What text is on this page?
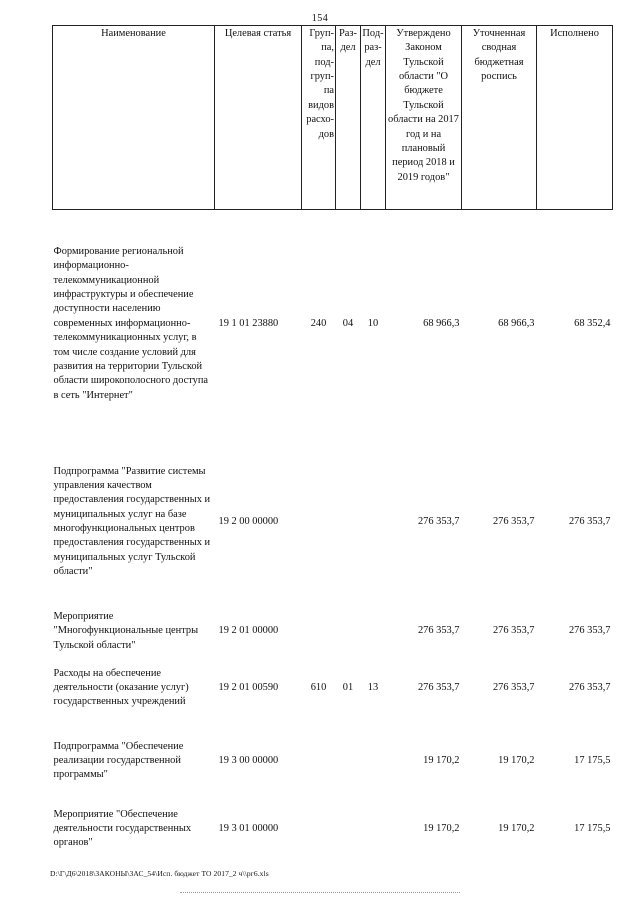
154
Наименование	Целевая статья	Груп-па, под-груп-па видов расхо-дов	Раз-дел	Под-раз-дел	Утверждено Законом Тульской области "О бюджете Тульской области на 2017 год и на плановый период 2018 и 2019 годов"	Уточненная сводная бюджетная роспись	Исполнено

Формирование региональной информационно-телекоммуникационной инфраструктуры и обеспечение доступности населению современных информационно-телекоммуникационных услуг, в том числе создание условий для развития на территории Тульской области широкополосного доступа в сеть "Интернет"	19 1 01 23880	240	04	10	68 966,3	68 966,3	68 352,4

Подпрограмма "Развитие системы управления качеством предоставления государственных и муниципальных услуг на базе многофункциональных центров предоставления государственных и муниципальных услуг Тульской области"	19 2 00 00000				276 353,7	276 353,7	276 353,7

Мероприятие "Многофункциональные центры Тульской области"	19 2 01 00000				276 353,7	276 353,7	276 353,7
Расходы на обеспечение деятельности (оказание услуг) государственных учреждений	19 2 01 00590	610	01	13	276 353,7	276 353,7	276 353,7

Подпрограмма "Обеспечение реализации государственной программы"	19 3 00 00000				19 170,2	19 170,2	17 175,5

Мероприятие "Обеспечение деятельности государственных органов"	19 3 01 00000				19 170,2	19 170,2	17 175,5
D:\Г\Д6\2018\ЗАКОНЫ\ЗАС_54\Исп. бюджет ТО 2017_2 ч\\рг6.xls
